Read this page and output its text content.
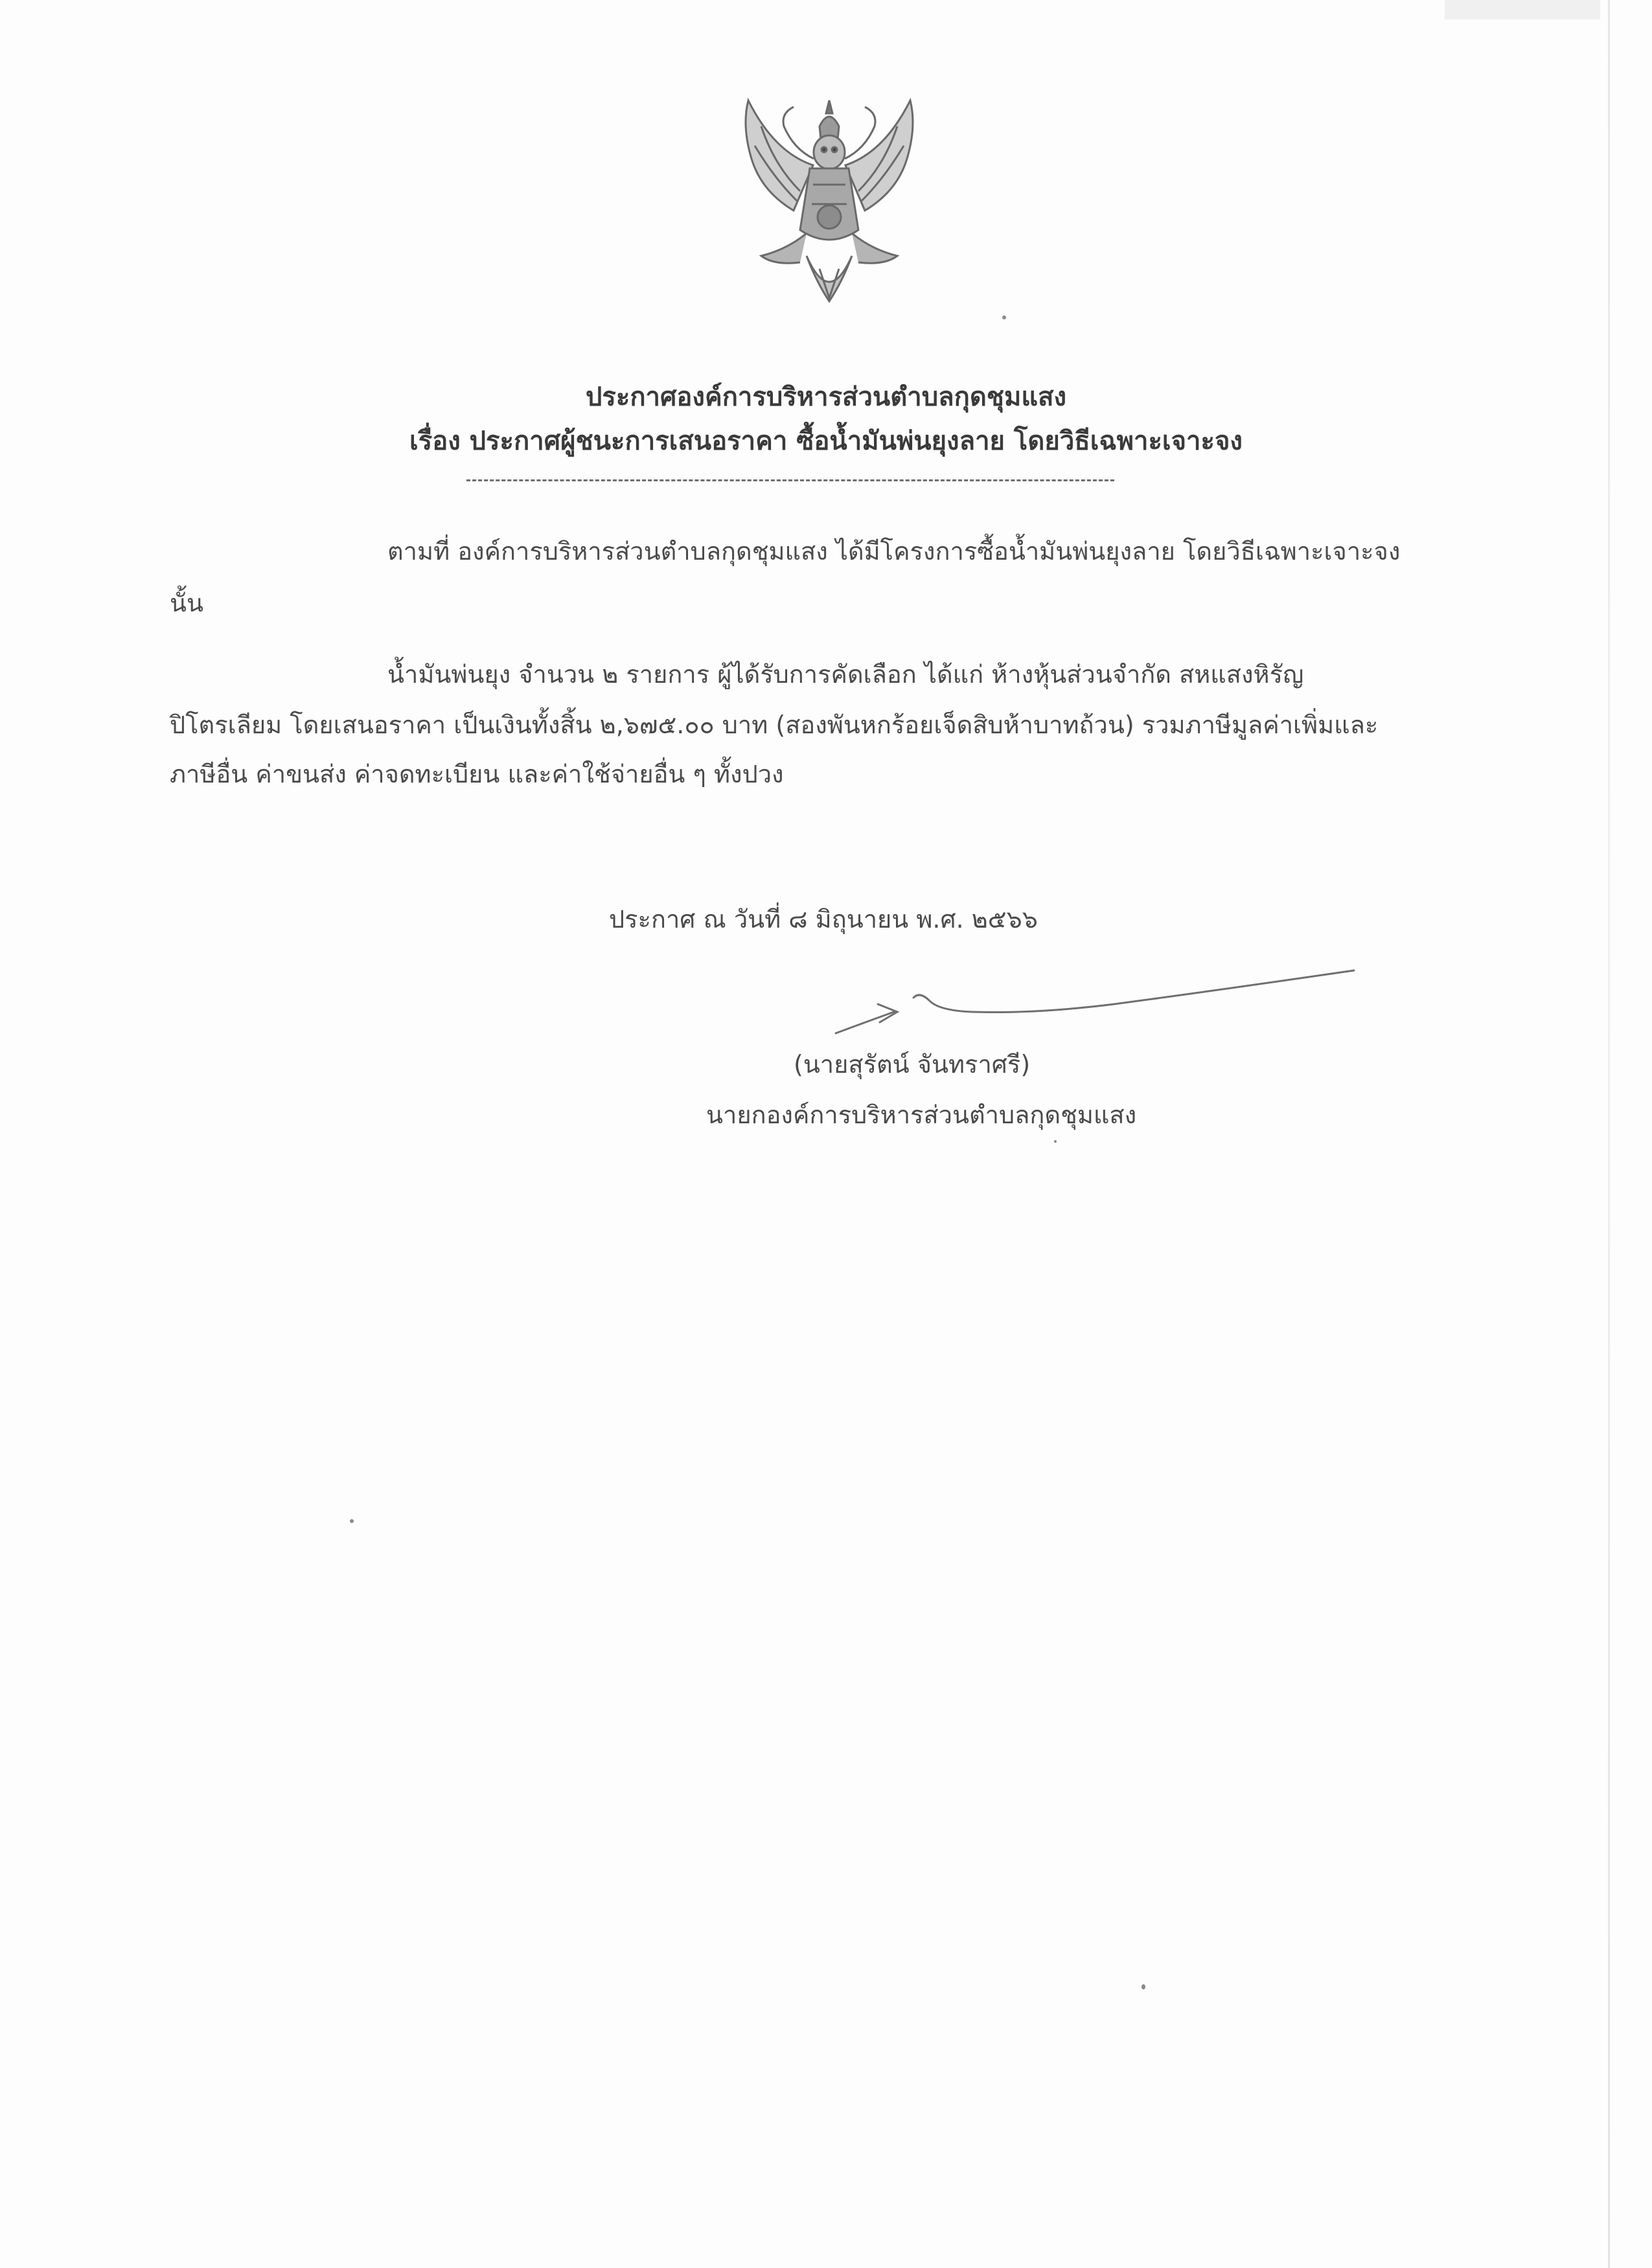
ประกาศองค์การบริหารส่วนตำบลกุดชุมแสง
เรื่อง ประกาศผู้ชนะการเสนอราคา ซื้อน้ำมันพ่นยุงลาย โดยวิธีเฉพาะเจาะจง
ตามที่ องค์การบริหารส่วนตำบลกุดชุมแสง ได้มีโครงการซื้อน้ำมันพ่นยุงลาย โดยวิธีเฉพาะเจาะจง
นั้น
น้ำมันพ่นยุง จำนวน ๒ รายการ ผู้ได้รับการคัดเลือก ได้แก่ ห้างหุ้นส่วนจำกัด สหแสงหิรัญ
ปิโตรเลียม โดยเสนอราคา เป็นเงินทั้งสิ้น ๒,๖๗๕.๐๐ บาท (สองพันหกร้อยเจ็ดสิบห้าบาทถ้วน) รวมภาษีมูลค่าเพิ่มและ
ภาษีอื่น ค่าขนส่ง ค่าจดทะเบียน และค่าใช้จ่ายอื่น ๆ ทั้งปวง
ประกาศ ณ วันที่ ๘ มิถุนายน พ.ศ. ๒๕๖๖
(นายสุรัตน์ จันทราศรี)
นายกองค์การบริหารส่วนตำบลกุดชุมแสง
